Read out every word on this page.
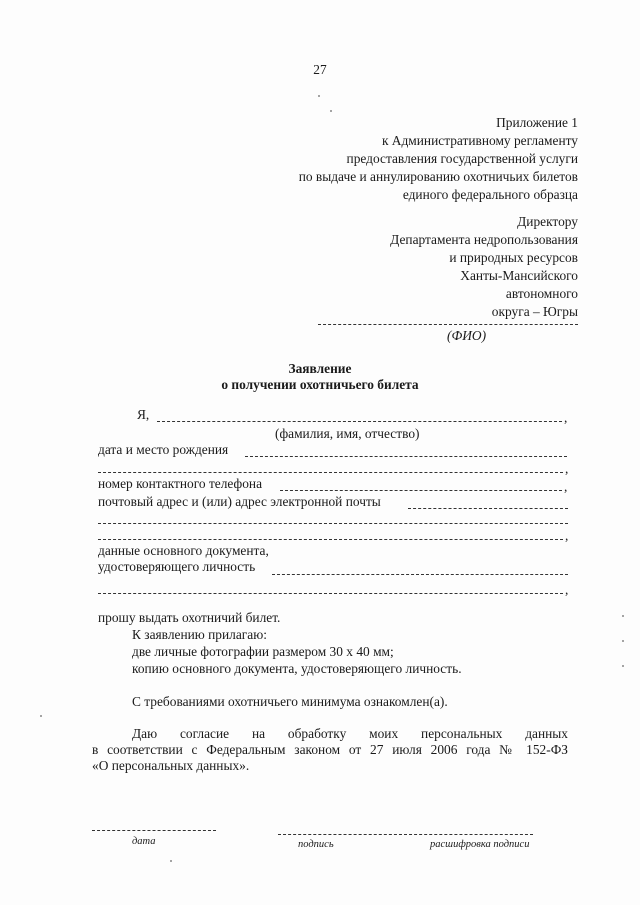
27
Приложение 1
к Административному регламенту
предоставления государственной услуги
по выдаче и аннулированию охотничьих билетов
единого федерального образца
Директору
Департамента недропользования
и природных ресурсов
Ханты-Мансийского
автономного
округа – Югры
(ФИО)
Заявление
о получении охотничьего билета
Я,	,
(фамилия, имя, отчество)
дата и место рождения
,
номер контактного телефона	,
почтовый адрес и (или) адрес электронной почты
,
данные основного документа,
удостоверяющего личность
,
прошу выдать охотничий билет.
К заявлению прилагаю:
две личные фотографии размером 30 х 40 мм;
копию основного документа, удостоверяющего личность.
С требованиями охотничьего минимума ознакомлен(а).
Даю согласие на обработку моих персональных данных
в соответствии с Федеральным законом от 27 июля 2006 года № 152-ФЗ
«О персональных данных».
дата	подпись	расшифровка подписи
